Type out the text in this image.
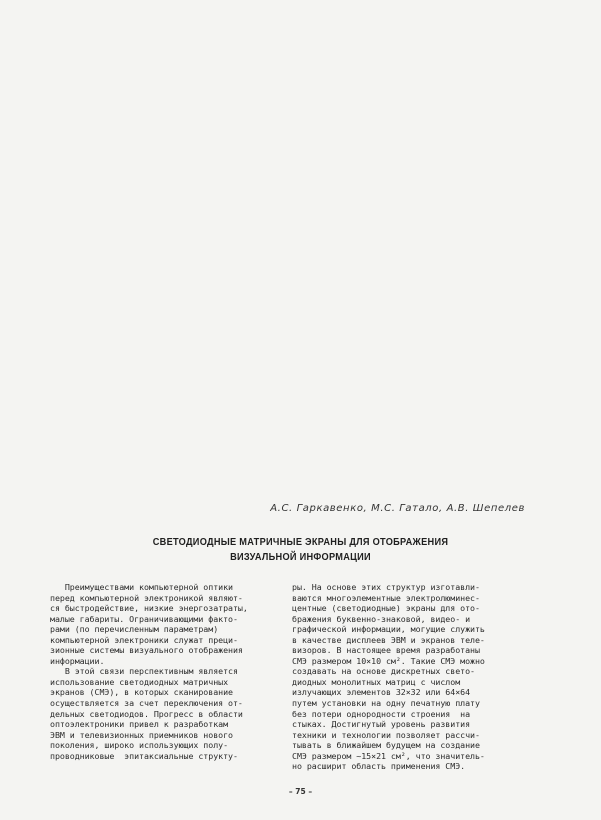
А.С. Гаркавенко, М.С. Гатало, А.В. Шепелев
СВЕТОДИОДНЫЕ МАТРИЧНЫЕ ЭКРАНЫ ДЛЯ ОТОБРАЖЕНИЯ
ВИЗУАЛЬНОЙ ИНФОРМАЦИИ
Преимуществами компьютерной оптики
перед компьютерной электроникой являют-
ся быстродействие, низкие энергозатраты,
малые габариты. Ограничивающими факто-
рами (по перечисленным параметрам)
компьютерной электроники служат преци-
зионные системы визуального отображения
информации.
В этой связи перспективным является
использование светодиодных матричных
экранов (СМЭ), в которых сканирование
осуществляется за счет переключения от-
дельных светодиодов. Прогресс в области
оптоэлектроники привел к разработкам
ЭВМ и телевизионных приемников нового
поколения, широко использующих полу-
проводниковые  эпитаксиальные структу-
ры. На основе этих структур изготавли-
ваются многоэлементные электролюминес-
центные (светодиодные) экраны для ото-
бражения буквенно-знаковой, видео- и
графической информации, могущие служить
в качестве дисплеев ЭВМ и экранов теле-
визоров. В настоящее время разработаны
СМЭ размером 10×10 см². Такие СМЭ можно
создавать на основе дискретных свето-
диодных монолитных матриц с числом
излучающих элементов 32×32 или 64×64
путем установки на одну печатную плату
без потери однородности строения  на
стыках. Достигнутый уровень развития
техники и технологии позволяет рассчи-
тывать в ближайшем будущем на создание
СМЭ размером ~15×21 см², что значитель-
но расширит область применения СМЭ.
– 75 –
